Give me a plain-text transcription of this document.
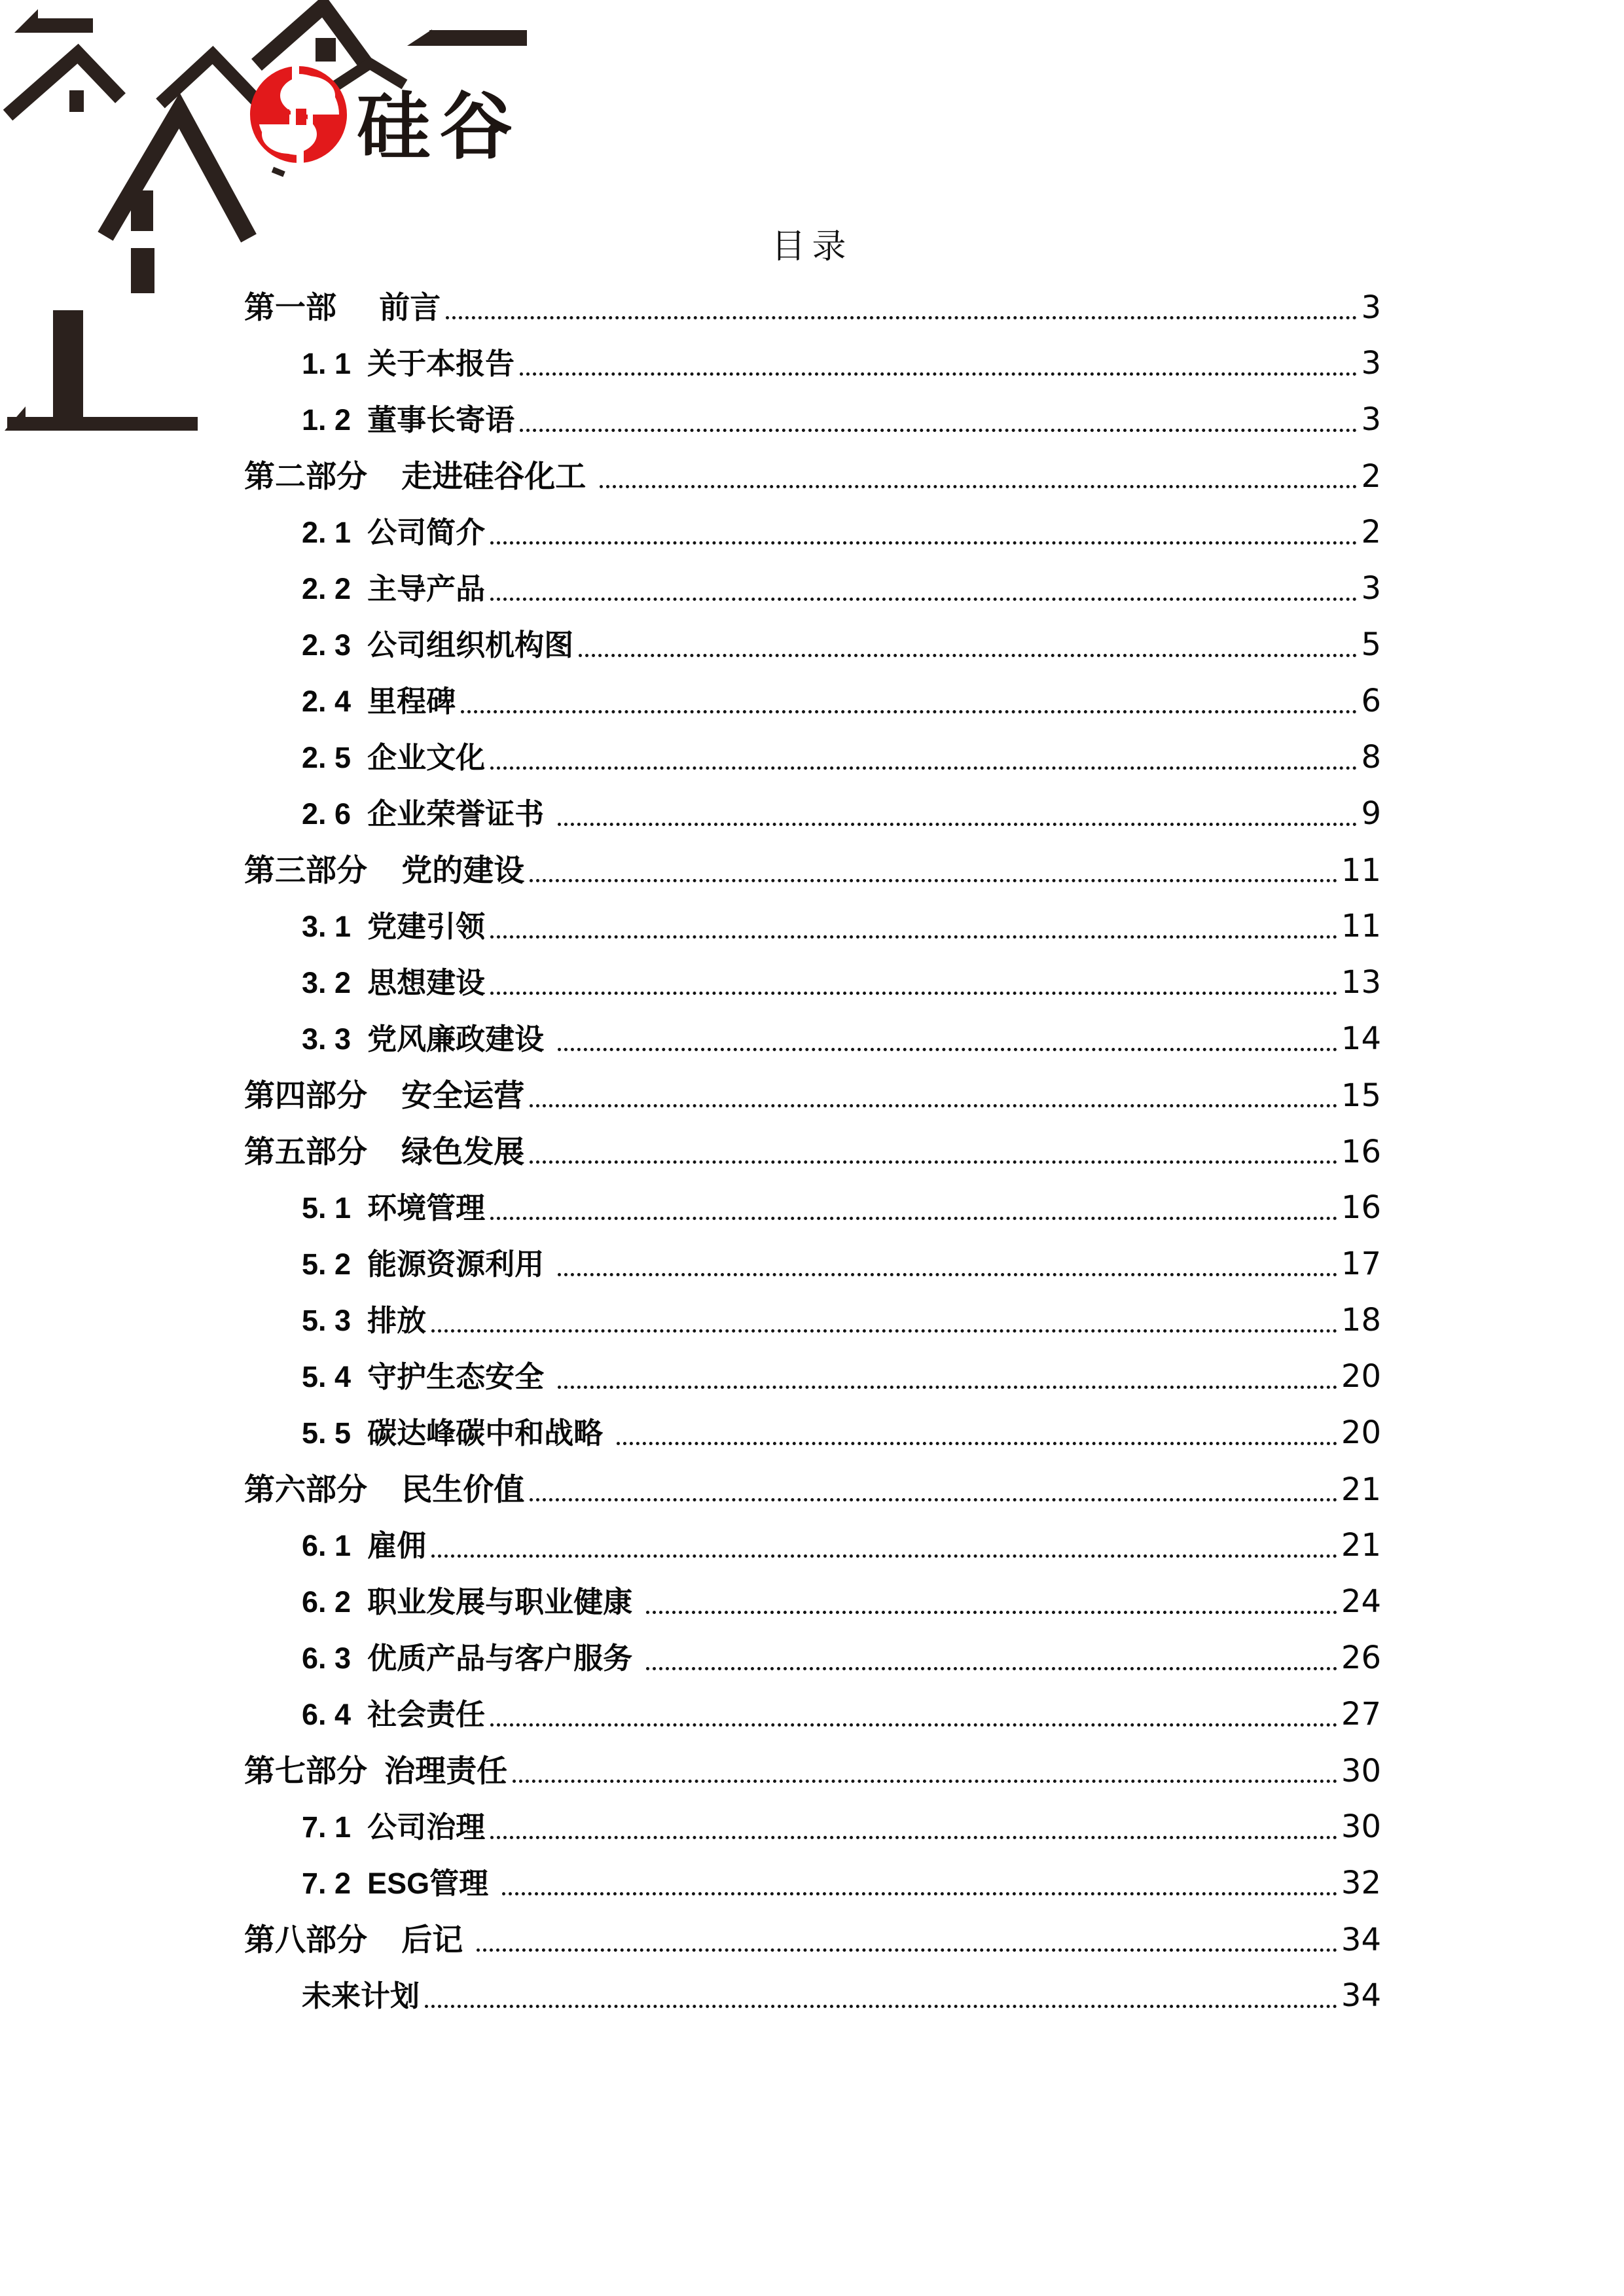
硅谷
目录
第一部     前言	3
1. 1  关于本报告	3
1. 2  董事长寄语	3
第二部分    走进硅谷化工	2
2. 1  公司简介	2
2. 2  主导产品	3
2. 3  公司组织机构图	5
2. 4  里程碑	6
2. 5  企业文化	8
2. 6  企业荣誉证书	9
第三部分    党的建设	11
3. 1  党建引领	11
3. 2  思想建设	13
3. 3  党风廉政建设	14
第四部分    安全运营	15
第五部分    绿色发展	16
5. 1  环境管理	16
5. 2  能源资源利用	17
5. 3  排放	18
5. 4  守护生态安全	20
5. 5  碳达峰碳中和战略	20
第六部分    民生价值	21
6. 1  雇佣	21
6. 2  职业发展与职业健康	24
6. 3  优质产品与客户服务	26
6. 4  社会责任	27
第七部分  治理责任	30
7. 1  公司治理	30
7. 2  ESG管理	32
第八部分    后记	34
未来计划	34
